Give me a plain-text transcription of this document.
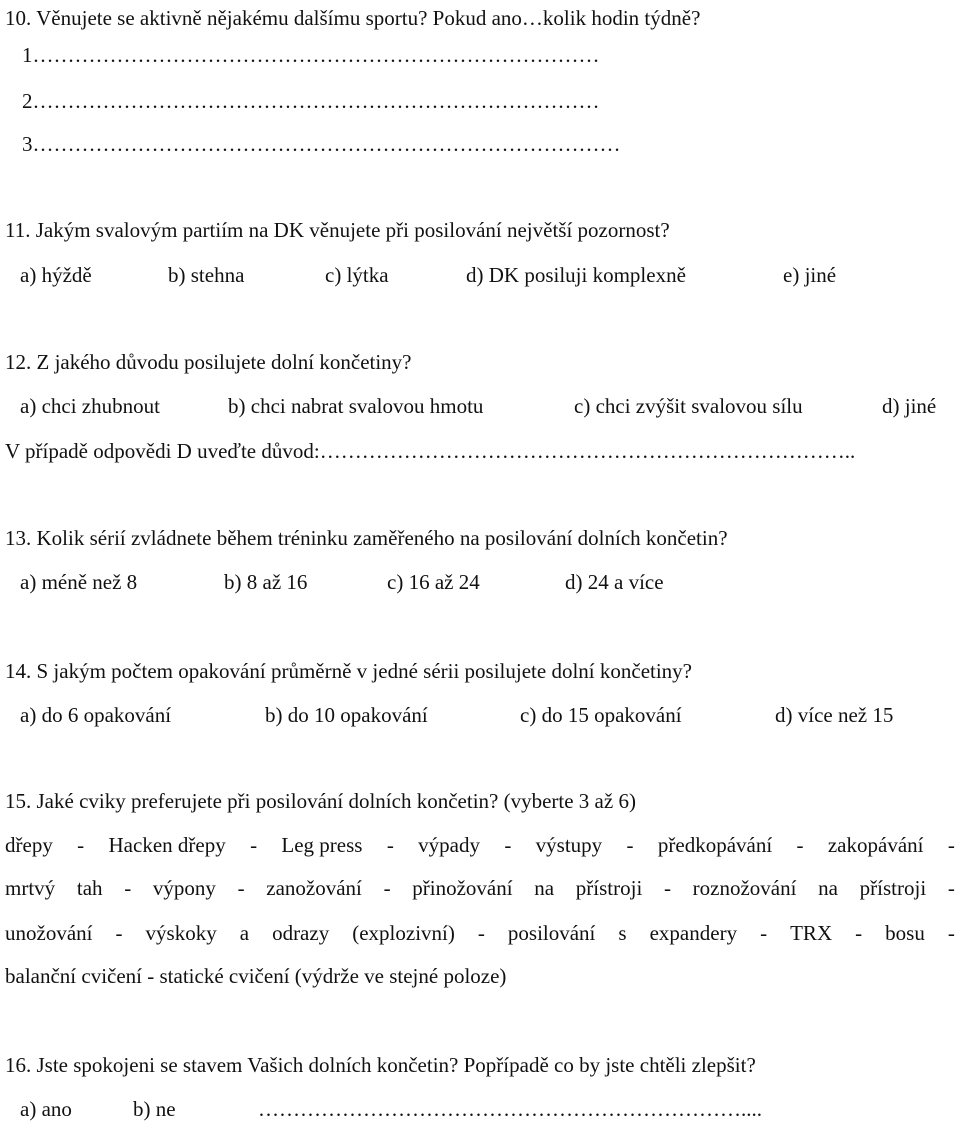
10. Věnujete se aktivně nějakému dalšímu sportu? Pokud ano…kolik hodin týdně?
1………………………………………………………………………
2………………………………………………………………………
3…………………………………………………………………………
11. Jakým svalovým partiím na DK věnujete při posilování největší pozornost?
a) hýždě	b) stehna	c) lýtka	d) DK posiluji komplexně	e) jiné
12. Z jakého důvodu posilujete dolní končetiny?
a) chci zhubnout	b) chci nabrat svalovou hmotu	c) chci zvýšit svalovou sílu	d) jiné
V případě odpovědi D uveďte důvod:…………………………………………………………………..
13. Kolik sérií zvládnete během tréninku zaměřeného na posilování dolních končetin?
a) méně než 8	b) 8 až 16	c) 16 až 24	d) 24 a více
14. S jakým počtem opakování průměrně v jedné sérii posilujete dolní končetiny?
a) do 6 opakování	b) do 10 opakování	c) do 15 opakování	d) více než 15
15. Jaké cviky preferujete při posilování dolních končetin? (vyberte 3 až 6)
dřepy - Hacken dřepy - Leg press - výpady - výstupy - předkopávání - zakopávání -
mrtvý tah - výpony - zanožování - přinožování na přístroji - roznožování na přístroji -
unožování - výskoky a odrazy (explozivní) - posilování s expandery - TRX - bosu -
balanční cvičení - statické cvičení (výdrže ve stejné poloze)
16. Jste spokojeni se stavem Vašich dolních končetin? Popřípadě co by jste chtěli zlepšit?
a) ano	b) ne	……………………………………………………………....
